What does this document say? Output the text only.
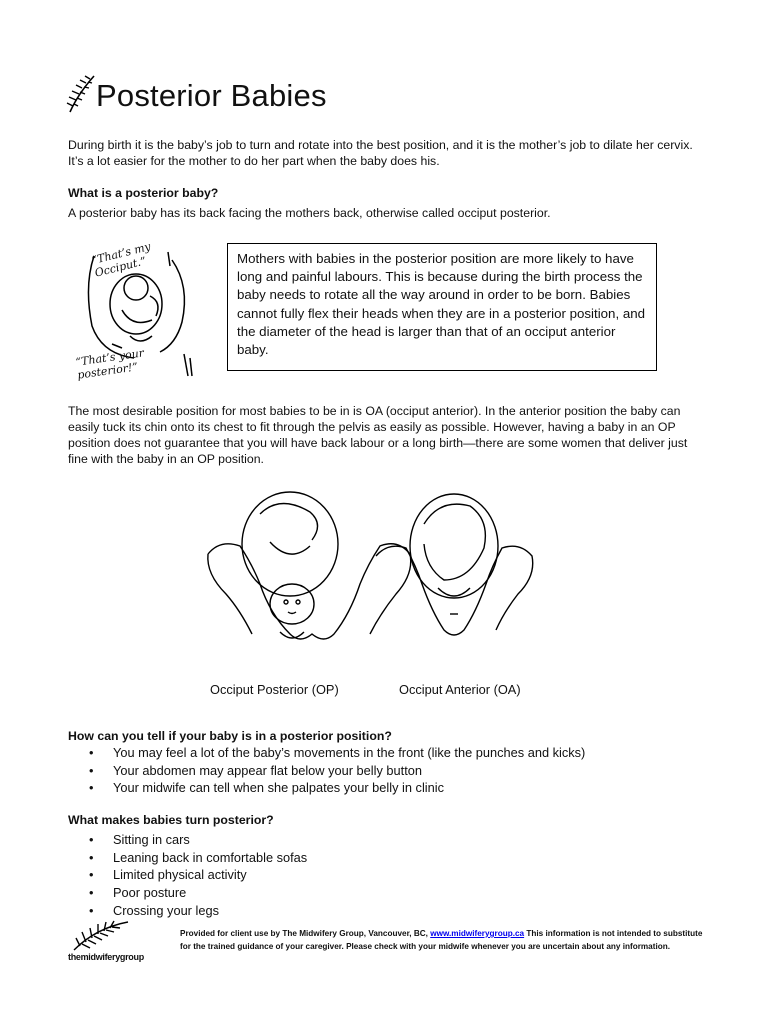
Posterior Babies

During birth it is the baby’s job to turn and rotate into the best position, and it is the mother’s job to dilate her cervix. It’s a lot easier for the mother to do her part when the baby does his.

What is a posterior baby?

A posterior baby has its back facing the mothers back, otherwise called occiput posterior.

“That’s my Occiput.”
“That’s your posterior!”
Mothers with babies in the posterior position are more likely to have long and painful labours. This is because during the birth process the baby needs to rotate all the way around in order to be born. Babies cannot fully flex their heads when they are in a posterior position, and the diameter of the head is larger than that of an occiput anterior baby.

The most desirable position for most babies to be in is OA (occiput anterior). In the anterior position the baby can easily tuck its chin onto its chest to fit through the pelvis as easily as possible. However, having a baby in an OP position does not guarantee that you will have back labour or a long birth—there are some women that deliver just fine with the baby in an OP position.

Occiput Posterior (OP)	Occiput Anterior (OA)
How can you tell if your baby is in a posterior position?
• You may feel a lot of the baby’s movements in the front (like the punches and kicks)
• Your abdomen may appear flat below your belly button
• Your midwife can tell when she palpates your belly in clinic
What makes babies turn posterior?
• Sitting in cars
• Leaning back in comfortable sofas
• Limited physical activity
• Poor posture
• Crossing your legs
themidwiferygroup
Provided for client use by The Midwifery Group, Vancouver, BC, www.midwiferygroup.ca This information is not intended to substitute for the trained guidance of your caregiver. Please check with your midwife whenever you are uncertain about any information.
